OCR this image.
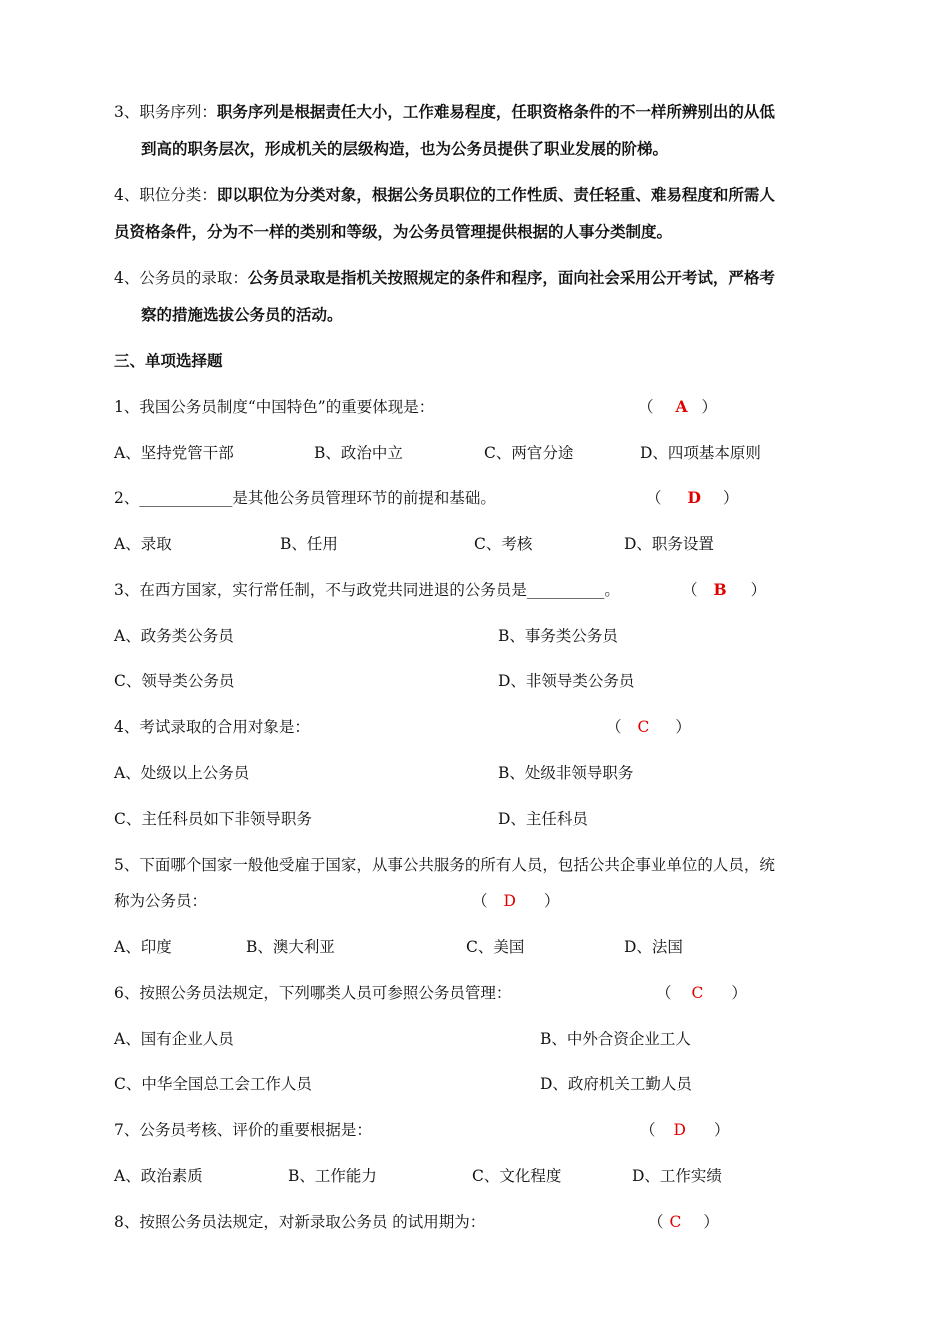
3、职务序列：职务序列是根据责任大小，工作难易程度，任职资格条件的不一样所辨别出的从低
到高的职务层次，形成机关的层级构造，也为公务员提供了职业发展的阶梯。
4、职位分类：即以职位为分类对象，根据公务员职位的工作性质、责任轻重、难易程度和所需人
员资格条件，分为不一样的类别和等级，为公务员管理提供根据的人事分类制度。
4、公务员的录取：公务员录取是指机关按照规定的条件和程序，面向社会采用公开考试，严格考
察的措施选拔公务员的活动。
三、单项选择题
1、我国公务员制度“中国特色”的重要体现是：	（ A ）
A、坚持党管干部	B、政治中立	C、两官分途	D、四项基本原则
2、____________是其他公务员管理环节的前提和基础。	（ D ）
A、录取	B、任用	C、考核	D、职务设置
3、在西方国家，实行常任制，不与政党共同进退的公务员是__________。	（ B ）
A、政务类公务员	B、事务类公务员
C、领导类公务员	D、非领导类公务员
4、考试录取的合用对象是：	（ C ）
A、处级以上公务员	B、处级非领导职务
C、主任科员如下非领导职务	D、主任科员
5、下面哪个国家一般他受雇于国家，从事公共服务的所有人员，包括公共企事业单位的人员，统
称为公务员：	（ D ）
A、印度	B、澳大利亚	C、美国	D、法国
6、按照公务员法规定，下列哪类人员可参照公务员管理：	（ C ）
A、国有企业人员	B、中外合资企业工人
C、中华全国总工会工作人员	D、政府机关工勤人员
7、公务员考核、评价的重要根据是：	（ D ）
A、政治素质	B、工作能力	C、文化程度	D、工作实绩
8、按照公务员法规定，对新录取公务员 的试用期为：	（ C ）
